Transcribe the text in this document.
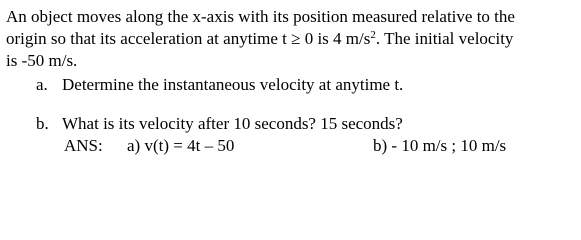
An object moves along the x-axis with its position measured relative to the
origin so that its acceleration at anytime t ≥ 0 is 4 $m/s^2$. The initial velocity
is -50 m/s.
a. Determine the instantaneous velocity at anytime t.
b. What is its velocity after 10 seconds? 15 seconds?
ANS: a) v(t) = 4t – 50	b) - 10 m/s ; 10 m/s
